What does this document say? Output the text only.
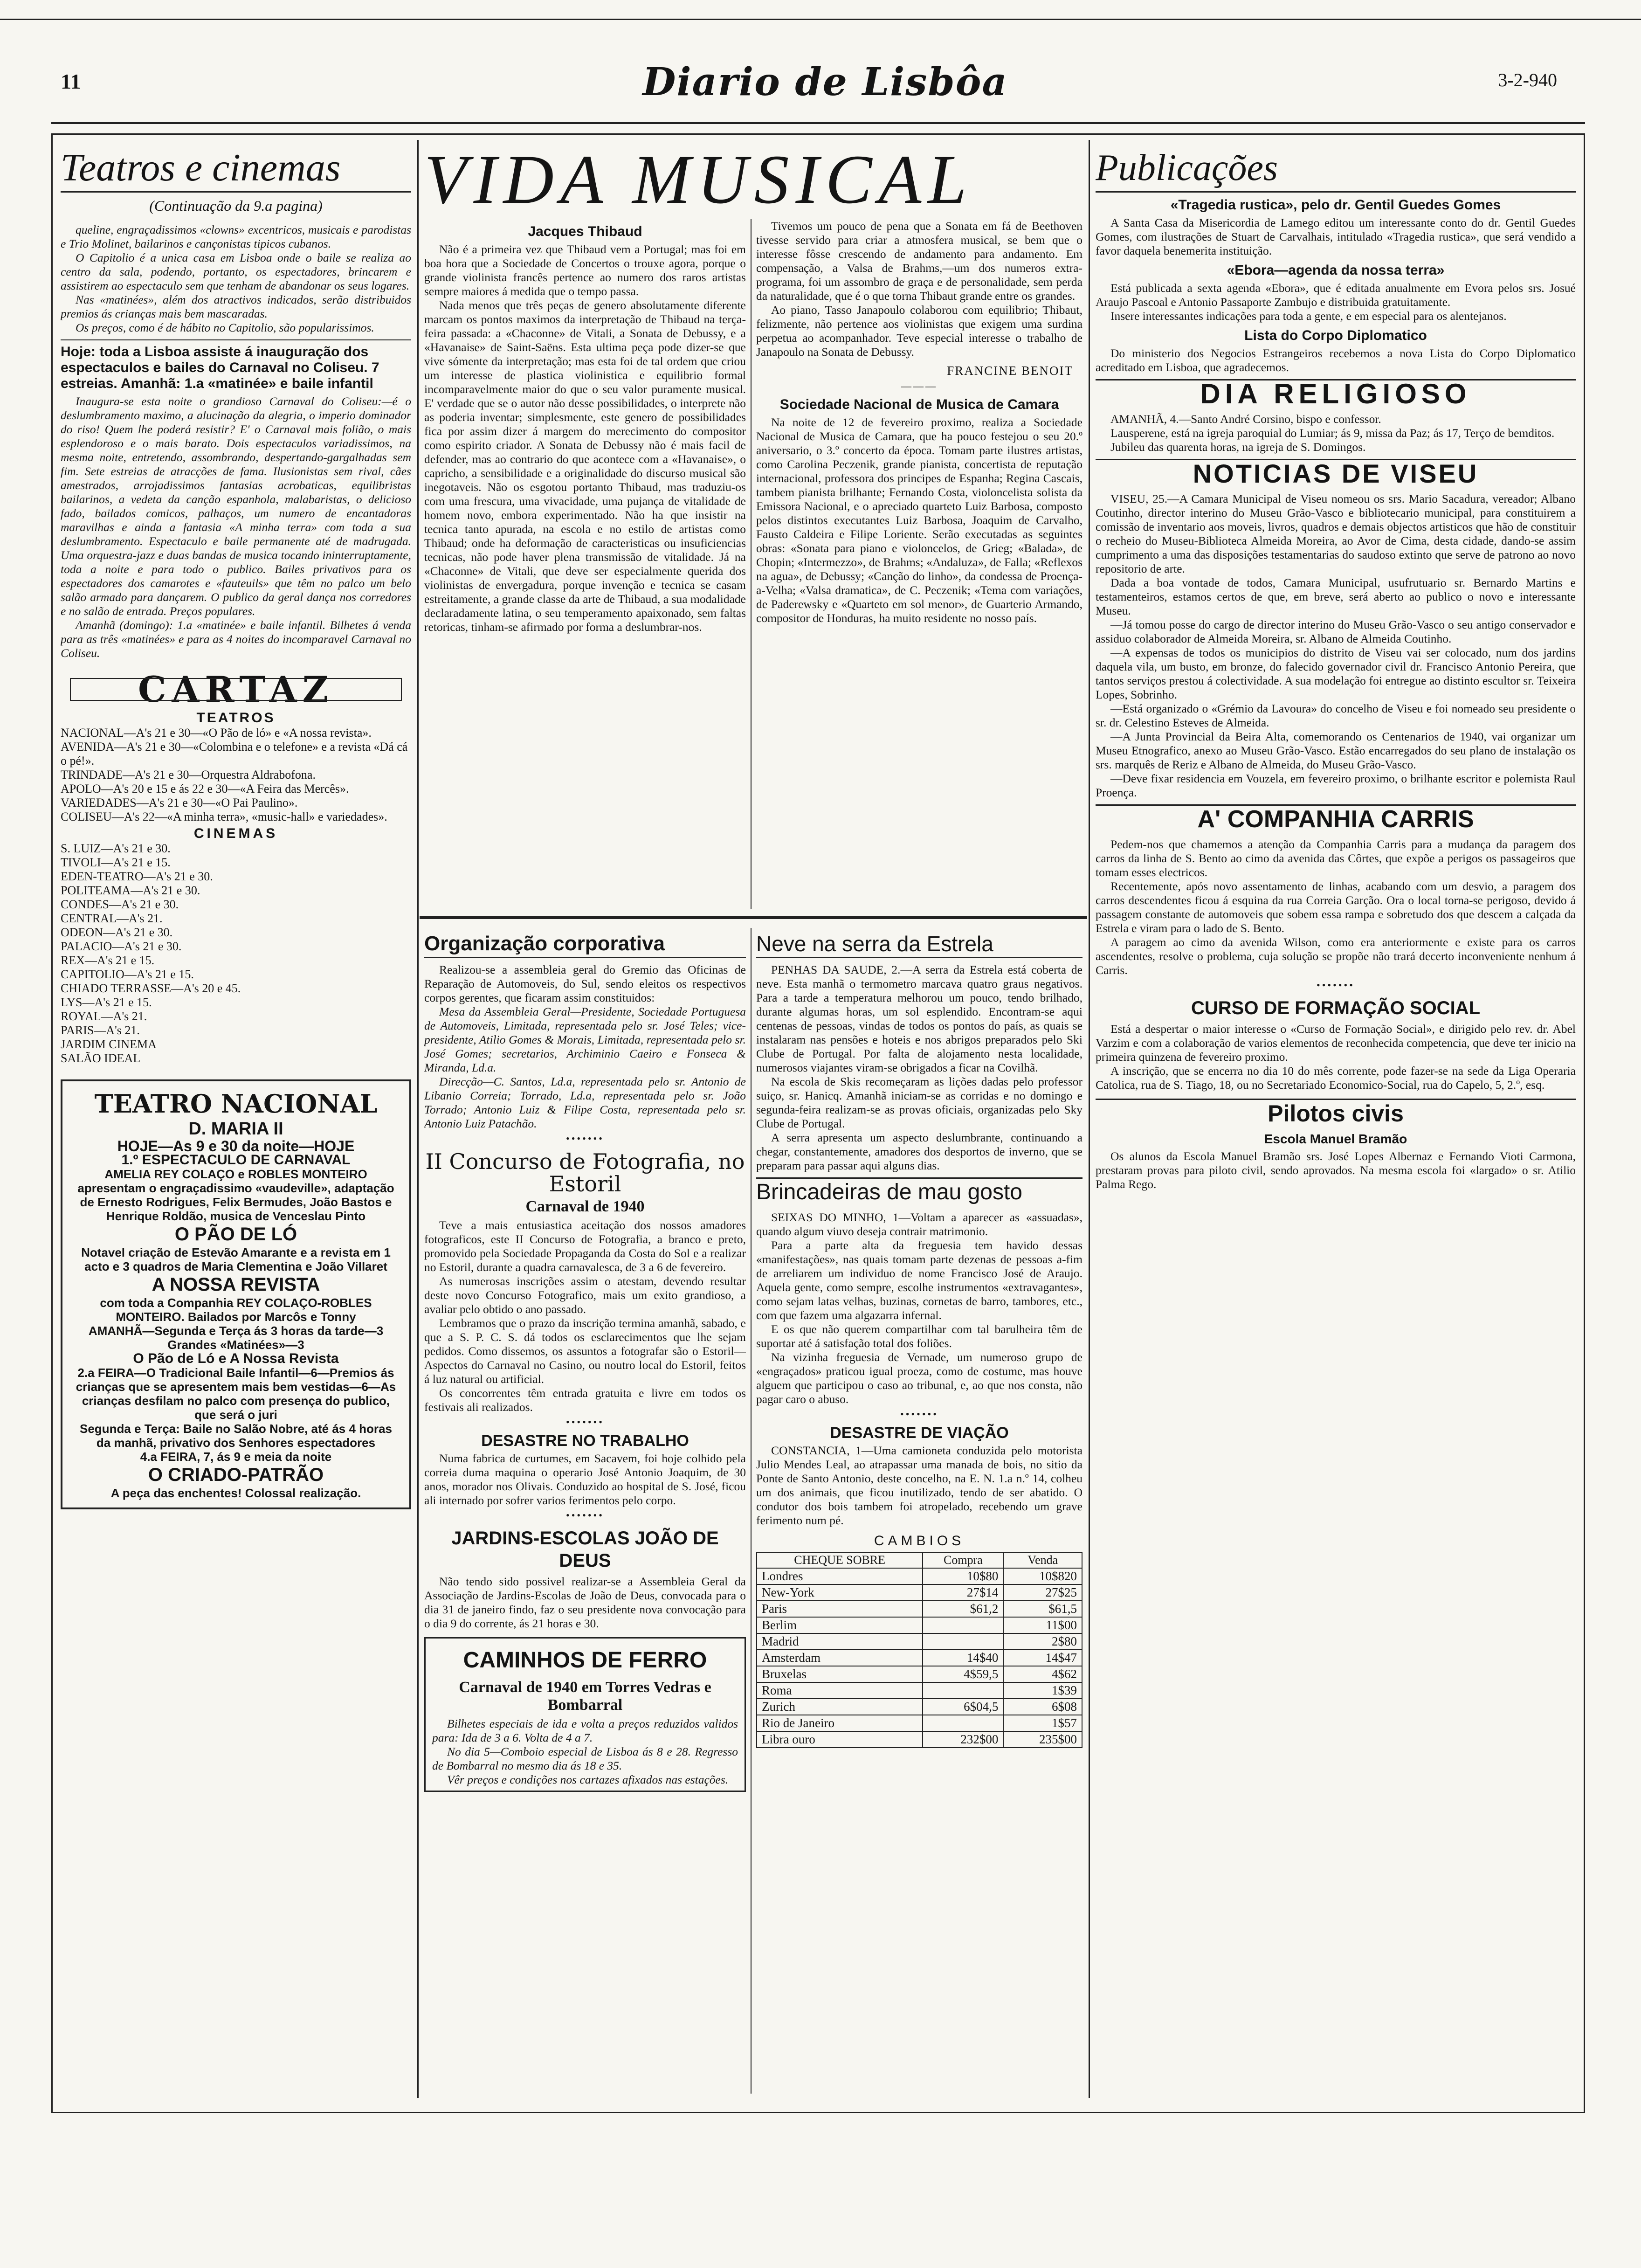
11	Diario de Lisbôa	3-2-940
Teatros e cinemas
(Continuação da 9.a pagina)

queline, engraçadissimos «clowns» excentricos, musicais e parodistas e Trio Molinet, bailarinos e cançonistas tipicos cubanos.

O Capitolio é a unica casa em Lisboa onde o baile se realiza ao centro da sala, podendo, portanto, os espectadores, brincarem e assistirem ao espectaculo sem que tenham de abandonar os seus logares.

Nas «matinées», além dos atractivos indicados, serão distribuidos premios ás crianças mais bem mascaradas.

Os preços, como é de hábito no Capitolio, são popularissimos.

Hoje: toda a Lisboa assiste á inauguração dos espectaculos e bailes do Carnaval no Coliseu. 7 estreias. Amanhã: 1.a «matinée» e baile infantil

Inaugura-se esta noite o grandioso Carnaval do Coliseu:—é o deslumbramento maximo, a alucinação da alegria, o imperio dominador do riso! Quem lhe poderá resistir? E' o Carnaval mais folião, o mais esplendoroso e o mais barato. Dois espectaculos variadissimos, na mesma noite, entretendo, assombrando, despertando-gargalhadas sem fim. Sete estreias de atracções de fama. Ilusionistas sem rival, cães amestrados, arrojadissimos fantasias acrobaticas, equilibristas bailarinos, a vedeta da canção espanhola, malabaristas, o delicioso fado, bailados comicos, palhaços, um numero de encantadoras maravilhas e ainda a fantasia «A minha terra» com toda a sua deslumbramento. Espectaculo e baile permanente até de madrugada. Uma orquestra-jazz e duas bandas de musica tocando ininterruptamente, toda a noite e para todo o publico. Bailes privativos para os espectadores dos camarotes e «fauteuils» que têm no palco um belo salão armado para dançarem. O publico da geral dança nos corredores e no salão de entrada. Preços populares.

Amanhã (domingo): 1.a «matinée» e baile infantil. Bilhetes á venda para as três «matinées» e para as 4 noites do incomparavel Carnaval no Coliseu.

CARTAZ
TEATROS

NACIONAL—A's 21 e 30—«O Pão de ló» e «A nossa revista».

AVENIDA—A's 21 e 30—«Colombina e o telefone» e a revista «Dá cá o pé!».

TRINDADE—A's 21 e 30—Orquestra Aldrabofona.

APOLO—A's 20 e 15 e ás 22 e 30—«A Feira das Mercês».

VARIEDADES—A's 21 e 30—«O Pai Paulino».

COLISEU—A's 22—«A minha terra», «music-hall» e variedades».

CINEMAS

S. LUIZ—A's 21 e 30.

TIVOLI—A's 21 e 15.

EDEN-TEATRO—A's 21 e 30.

POLITEAMA—A's 21 e 30.

CONDES—A's 21 e 30.

CENTRAL—A's 21.

ODEON—A's 21 e 30.

PALACIO—A's 21 e 30.

REX—A's 21 e 15.

CAPITOLIO—A's 21 e 15.

CHIADO TERRASSE—A's 20 e 45.

LYS—A's 21 e 15.

ROYAL—A's 21.

PARIS—A's 21.

JARDIM CINEMA

SALÃO IDEAL

TEATRO NACIONAL

D. MARIA II

HOJE—As 9 e 30 da noite—HOJE

1.º ESPECTACULO DE CARNAVAL

AMELIA REY COLAÇO e ROBLES MONTEIRO apresentam o engraçadissimo «vaudeville», adaptação de Ernesto Rodrigues, Felix Bermudes, João Bastos e Henrique Roldão, musica de Venceslau Pinto

O PÃO DE LÓ

Notavel criação de Estevão Amarante e a revista em 1 acto e 3 quadros de Maria Clementina e João Villaret

A NOSSA REVISTA

com toda a Companhia REY COLAÇO-ROBLES MONTEIRO. Bailados por Marcôs e Tonny

AMANHÃ—Segunda e Terça ás 3 horas da tarde—3 Grandes «Matinées»—3

O Pão de Ló e A Nossa Revista

2.a FEIRA—O Tradicional Baile Infantil—6—Premios ás crianças que se apresentem mais bem vestidas—6—As crianças desfilam no palco com presença do publico, que será o juri

Segunda e Terça: Baile no Salão Nobre, até ás 4 horas da manhã, privativo dos Senhores espectadores

4.a FEIRA, 7, ás 9 e meia da noite

O CRIADO-PATRÃO

A peça das enchentes! Colossal realização.

VIDA MUSICAL

Jacques Thibaud

Não é a primeira vez que Thibaud vem a Portugal; mas foi em boa hora que a Sociedade de Concertos o trouxe agora, porque o grande violinista francês pertence ao numero dos raros artistas sempre maiores á medida que o tempo passa.

Nada menos que três peças de genero absolutamente diferente marcam os pontos maximos da interpretação de Thibaud na terça-feira passada: a «Chaconne» de Vitali, a Sonata de Debussy, e a «Havanaise» de Saint-Saëns. Esta ultima peça pode dizer-se que vive sómente da interpretação; mas esta foi de tal ordem que criou um interesse de plastica violinistica e equilibrio formal incomparavelmente maior do que o seu valor puramente musical. E' verdade que se o autor não desse possibilidades, o interprete não as poderia inventar; simplesmente, este genero de possibilidades fica por assim dizer á margem do merecimento do compositor como espirito criador. A Sonata de Debussy não é mais facil de defender, mas ao contrario do que acontece com a «Havanaise», o capricho, a sensibilidade e a originalidade do discurso musical são inegotaveis. Não os esgotou portanto Thibaud, mas traduziu-os com uma frescura, uma vivacidade, uma pujança de vitalidade de homem novo, embora experimentado. Não ha que insistir na tecnica tanto apurada, na escola e no estilo de artistas como Thibaud; onde ha deformação de caracteristicas ou insuficiencias tecnicas, não pode haver plena transmissão de vitalidade. Já na «Chaconne» de Vitali, que deve ser especialmente querida dos violinistas de envergadura, porque invenção e tecnica se casam estreitamente, a grande classe da arte de Thibaud, a sua modalidade declaradamente latina, o seu temperamento apaixonado, sem faltas retoricas, tinham-se afirmado por forma a deslumbrar-nos.

Tivemos um pouco de pena que a Sonata em fá de Beethoven tivesse servido para criar a atmosfera musical, se bem que o interesse fôsse crescendo de andamento para andamento. Em compensação, a Valsa de Brahms,—um dos numeros extra-programa, foi um assombro de graça e de personalidade, sem perda da naturalidade, que é o que torna Thibaut grande entre os grandes.

Ao piano, Tasso Janapoulo colaborou com equilibrio; Thibaut, felizmente, não pertence aos violinistas que exigem uma surdina perpetua ao acompanhador. Teve especial interesse o trabalho de Janapoulo na Sonata de Debussy.

FRANCINE BENOIT
———
Sociedade Nacional de Musica de Camara

Na noite de 12 de fevereiro proximo, realiza a Sociedade Nacional de Musica de Camara, que ha pouco festejou o seu 20.º aniversario, o 3.º concerto da época. Tomam parte ilustres artistas, como Carolina Peczenik, grande pianista, concertista de reputação internacional, professora dos principes de Espanha; Regina Cascais, tambem pianista brilhante; Fernando Costa, violoncelista solista da Emissora Nacional, e o apreciado quarteto Luiz Barbosa, composto pelos distintos executantes Luiz Barbosa, Joaquim de Carvalho, Fausto Caldeira e Filipe Loriente. Serão executadas as seguintes obras: «Sonata para piano e violoncelos, de Grieg; «Balada», de Chopin; «Intermezzo», de Brahms; «Andaluza», de Falla; «Reflexos na agua», de Debussy; «Canção do linho», da condessa de Proença-a-Velha; «Valsa dramatica», de C. Peczenik; «Tema com variações, de Paderewsky e «Quarteto em sol menor», de Guarterio Armando, compositor de Honduras, ha muito residente no nosso país.

Organização corporativa

Realizou-se a assembleia geral do Gremio das Oficinas de Reparação de Automoveis, do Sul, sendo eleitos os respectivos corpos gerentes, que ficaram assim constituidos:

Mesa da Assembleia Geral—Presidente, Sociedade Portuguesa de Automoveis, Limitada, representada pelo sr. José Teles; vice-presidente, Atilio Gomes & Morais, Limitada, representada pelo sr. José Gomes; secretarios, Archiminio Caeiro e Fonseca & Miranda, Ld.a.

Direcção—C. Santos, Ld.a, representada pelo sr. Antonio de Libanio Correia; Torrado, Ld.a, representada pelo sr. João Torrado; Antonio Luiz & Filipe Costa, representada pelo sr. Antonio Luiz Patachão.

•••••••
II Concurso de Fotografia, no Estoril
Carnaval de 1940

Teve a mais entusiastica aceitação dos nossos amadores fotograficos, este II Concurso de Fotografia, a branco e preto, promovido pela Sociedade Propaganda da Costa do Sol e a realizar no Estoril, durante a quadra carnavalesca, de 3 a 6 de fevereiro.

As numerosas inscrições assim o atestam, devendo resultar deste novo Concurso Fotografico, mais um exito grandioso, a avaliar pelo obtido o ano passado.

Lembramos que o prazo da inscrição termina amanhã, sabado, e que a S. P. C. S. dá todos os esclarecimentos que lhe sejam pedidos. Como dissemos, os assuntos a fotografar são o Estoril—Aspectos do Carnaval no Casino, ou noutro local do Estoril, feitos á luz natural ou artificial.

Os concorrentes têm entrada gratuita e livre em todos os festivais ali realizados.

•••••••
DESASTRE NO TRABALHO

Numa fabrica de curtumes, em Sacavem, foi hoje colhido pela correia duma maquina o operario José Antonio Joaquim, de 30 anos, morador nos Olivais. Conduzido ao hospital de S. José, ficou ali internado por sofrer varios ferimentos pelo corpo.

•••••••
JARDINS-ESCOLAS JOÃO DE DEUS

Não tendo sido possivel realizar-se a Assembleia Geral da Associação de Jardins-Escolas de João de Deus, convocada para o dia 31 de janeiro findo, faz o seu presidente nova convocação para o dia 9 do corrente, ás 21 horas e 30.

CAMINHOS DE FERRO
Carnaval de 1940 em Torres Vedras e Bombarral

Bilhetes especiais de ida e volta a preços reduzidos validos para: Ida de 3 a 6. Volta de 4 a 7.

No dia 5—Comboio especial de Lisboa ás 8 e 28. Regresso de Bombarral no mesmo dia ás 18 e 35.

Vêr preços e condições nos cartazes afixados nas estações.

Neve na serra da Estrela

PENHAS DA SAUDE, 2.—A serra da Estrela está coberta de neve. Esta manhã o termometro marcava quatro graus negativos. Para a tarde a temperatura melhorou um pouco, tendo brilhado, durante algumas horas, um sol esplendido. Encontram-se aqui centenas de pessoas, vindas de todos os pontos do país, as quais se instalaram nas pensões e hoteis e nos abrigos preparados pelo Ski Clube de Portugal. Por falta de alojamento nesta localidade, numerosos viajantes viram-se obrigados a ficar na Covilhã.

Na escola de Skis recomeçaram as lições dadas pelo professor suiço, sr. Hanicq. Amanhã iniciam-se as corridas e no domingo e segunda-feira realizam-se as provas oficiais, organizadas pelo Sky Clube de Portugal.

A serra apresenta um aspecto deslumbrante, continuando a chegar, constantemente, amadores dos desportos de inverno, que se preparam para passar aqui alguns dias.

Brincadeiras de mau gosto

SEIXAS DO MINHO, 1—Voltam a aparecer as «assuadas», quando algum viuvo deseja contrair matrimonio.

Para a parte alta da freguesia tem havido dessas «manifestações», nas quais tomam parte dezenas de pessoas a-fim de arreliarem um individuo de nome Francisco José de Araujo. Aquela gente, como sempre, escolhe instrumentos «extravagantes», como sejam latas velhas, buzinas, cornetas de barro, tambores, etc., com que fazem uma algazarra infernal.

E os que não querem compartilhar com tal barulheira têm de suportar até á satisfação total dos foliões.

Na vizinha freguesia de Vernade, um numeroso grupo de «engraçados» praticou igual proeza, como de costume, mas houve alguem que participou o caso ao tribunal, e, ao que nos consta, não pagar caro o abuso.

•••••••
DESASTRE DE VIAÇÃO

CONSTANCIA, 1—Uma camioneta conduzida pelo motorista Julio Mendes Leal, ao atrapassar uma manada de bois, no sitio da Ponte de Santo Antonio, deste concelho, na E. N. 1.a n.º 14, colheu um dos animais, que ficou inutilizado, tendo de ser abatido. O condutor dos bois tambem foi atropelado, recebendo um grave ferimento num pé.

CAMBIOS
CHEQUE SOBRE	Compra	Venda
Londres	10$80	10$820
New-York	27$14	27$25
Paris	$61,2	$61,5
Berlim		11$00
Madrid		2$80
Amsterdam	14$40	14$47
Bruxelas	4$59,5	4$62
Roma		1$39
Zurich	6$04,5	6$08
Rio de Janeiro		1$57
Libra ouro	232$00	235$00
Publicações
«Tragedia rustica», pelo dr. Gentil Guedes Gomes

A Santa Casa da Misericordia de Lamego editou um interessante conto do dr. Gentil Guedes Gomes, com ilustrações de Stuart de Carvalhais, intitulado «Tragedia rustica», que será vendido a favor daquela benemerita instituição.

«Ebora—agenda da nossa terra»

Está publicada a sexta agenda «Ebora», que é editada anualmente em Evora pelos srs. Josué Araujo Pascoal e Antonio Passaporte Zambujo e distribuida gratuitamente.

Insere interessantes indicações para toda a gente, e em especial para os alentejanos.

Lista do Corpo Diplomatico

Do ministerio dos Negocios Estrangeiros recebemos a nova Lista do Corpo Diplomatico acreditado em Lisboa, que agradecemos.

DIA RELIGIOSO

AMANHÃ, 4.—Santo André Corsino, bispo e confessor.

Lausperene, está na igreja paroquial do Lumiar; ás 9, missa da Paz; ás 17, Terço de bemditos.

Jubileu das quarenta horas, na igreja de S. Domingos.

NOTICIAS DE VISEU

VISEU, 25.—A Camara Municipal de Viseu nomeou os srs. Mario Sacadura, vereador; Albano Coutinho, director interino do Museu Grão-Vasco e bibliotecario municipal, para constituirem a comissão de inventario aos moveis, livros, quadros e demais objectos artisticos que hão de constituir o recheio do Museu-Biblioteca Almeida Moreira, ao Avor de Cima, desta cidade, dando-se assim cumprimento a uma das disposições testamentarias do saudoso extinto que serve de patrono ao novo repositorio de arte.

Dada a boa vontade de todos, Camara Municipal, usufrutuario sr. Bernardo Martins e testamenteiros, estamos certos de que, em breve, será aberto ao publico o novo e interessante Museu.

—Já tomou posse do cargo de director interino do Museu Grão-Vasco o seu antigo conservador e assiduo colaborador de Almeida Moreira, sr. Albano de Almeida Coutinho.

—A expensas de todos os municipios do distrito de Viseu vai ser colocado, num dos jardins daquela vila, um busto, em bronze, do falecido governador civil dr. Francisco Antonio Pereira, que tantos serviços prestou á colectividade. A sua modelação foi entregue ao distinto escultor sr. Teixeira Lopes, Sobrinho.

—Está organizado o «Grémio da Lavoura» do concelho de Viseu e foi nomeado seu presidente o sr. dr. Celestino Esteves de Almeida.

—A Junta Provincial da Beira Alta, comemorando os Centenarios de 1940, vai organizar um Museu Etnografico, anexo ao Museu Grão-Vasco. Estão encarregados do seu plano de instalação os srs. marquês de Reriz e Albano de Almeida, do Museu Grão-Vasco.

—Deve fixar residencia em Vouzela, em fevereiro proximo, o brilhante escritor e polemista Raul Proença.

A' COMPANHIA CARRIS

Pedem-nos que chamemos a atenção da Companhia Carris para a mudança da paragem dos carros da linha de S. Bento ao cimo da avenida das Côrtes, que expõe a perigos os passageiros que tomam esses electricos.

Recentemente, após novo assentamento de linhas, acabando com um desvio, a paragem dos carros descendentes ficou á esquina da rua Correia Garção. Ora o local torna-se perigoso, devido á passagem constante de automoveis que sobem essa rampa e sobretudo dos que descem a calçada da Estrela e viram para o lado de S. Bento.

A paragem ao cimo da avenida Wilson, como era anteriormente e existe para os carros ascendentes, resolve o problema, cuja solução se propõe não trará decerto inconveniente nenhum á Carris.

•••••••
CURSO DE FORMAÇÃO SOCIAL

Está a despertar o maior interesse o «Curso de Formação Social», e dirigido pelo rev. dr. Abel Varzim e com a colaboração de varios elementos de reconhecida competencia, que deve ter inicio na primeira quinzena de fevereiro proximo.

A inscrição, que se encerra no dia 10 do mês corrente, pode fazer-se na sede da Liga Operaria Catolica, rua de S. Tiago, 18, ou no Secretariado Economico-Social, rua do Capelo, 5, 2.º, esq.

Pilotos civis
Escola Manuel Bramão

Os alunos da Escola Manuel Bramão srs. José Lopes Albernaz e Fernando Vioti Carmona, prestaram provas para piloto civil, sendo aprovados. Na mesma escola foi «largado» o sr. Atilio Palma Rego.
